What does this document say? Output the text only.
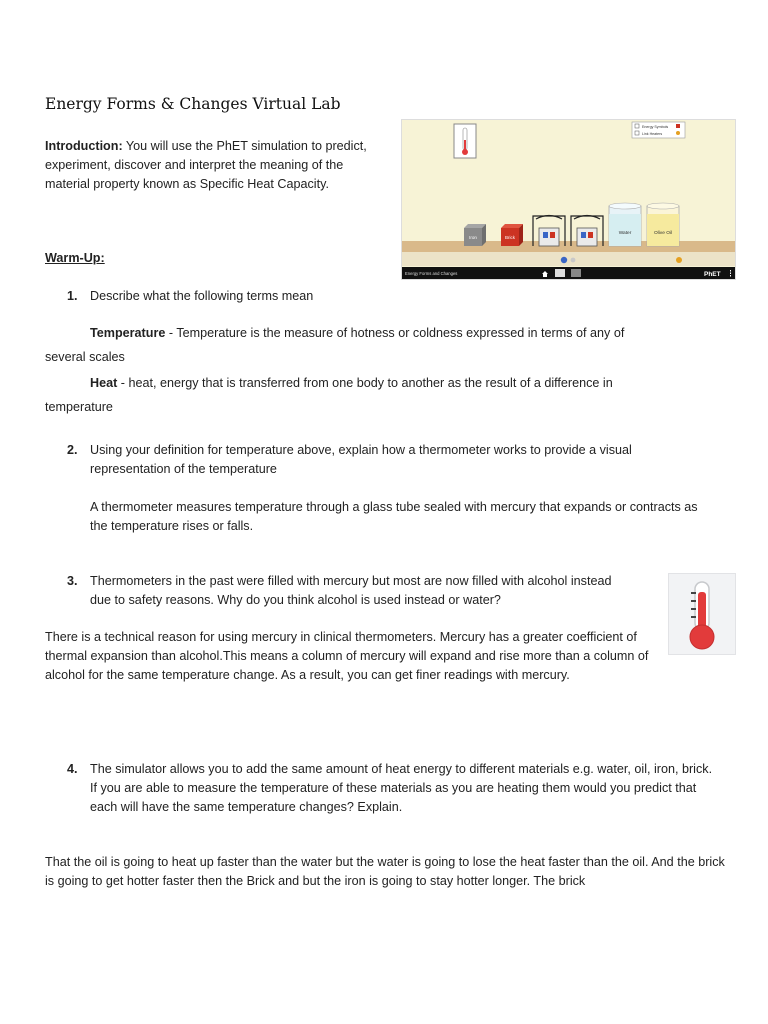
Energy Forms & Changes Virtual Lab
Introduction: You will use the PhET simulation to predict, experiment, discover and interpret the meaning of the material property known as Specific Heat Capacity.
Energy Symbols
Link Heaters
Iron	Brick
Water	Olive Oil
Energy Forms and Changes	PhET
Warm-Up:
1. Describe what the following terms mean
Temperature - Temperature is the measure of hotness or coldness expressed in terms of any of
several scales
Heat - heat, energy that is transferred from one body to another as the result of a difference in
temperature
2. Using your definition for temperature above, explain how a thermometer works to provide a visual representation of the temperature
A thermometer measures temperature through a glass tube sealed with mercury that expands or contracts as the temperature rises or falls.
3. Thermometers in the past were filled with mercury but most are now filled with alcohol instead due to safety reasons. Why do you think alcohol is used instead or water?
There is a technical reason for using mercury in clinical thermometers. Mercury has a greater coefficient of thermal expansion than alcohol.This means a column of mercury will expand and rise more than a column of alcohol for the same temperature change. As a result, you can get finer readings with mercury.
4. The simulator allows you to add the same amount of heat energy to different materials e.g. water, oil, iron, brick. If you are able to measure the temperature of these materials as you are heating them would you predict that each will have the same temperature changes? Explain.
That the oil is going to heat up faster than the water but the water is going to lose the heat faster than the oil. And the brick is going to get hotter faster then the Brick and but the iron is going to stay hotter longer. The brick
